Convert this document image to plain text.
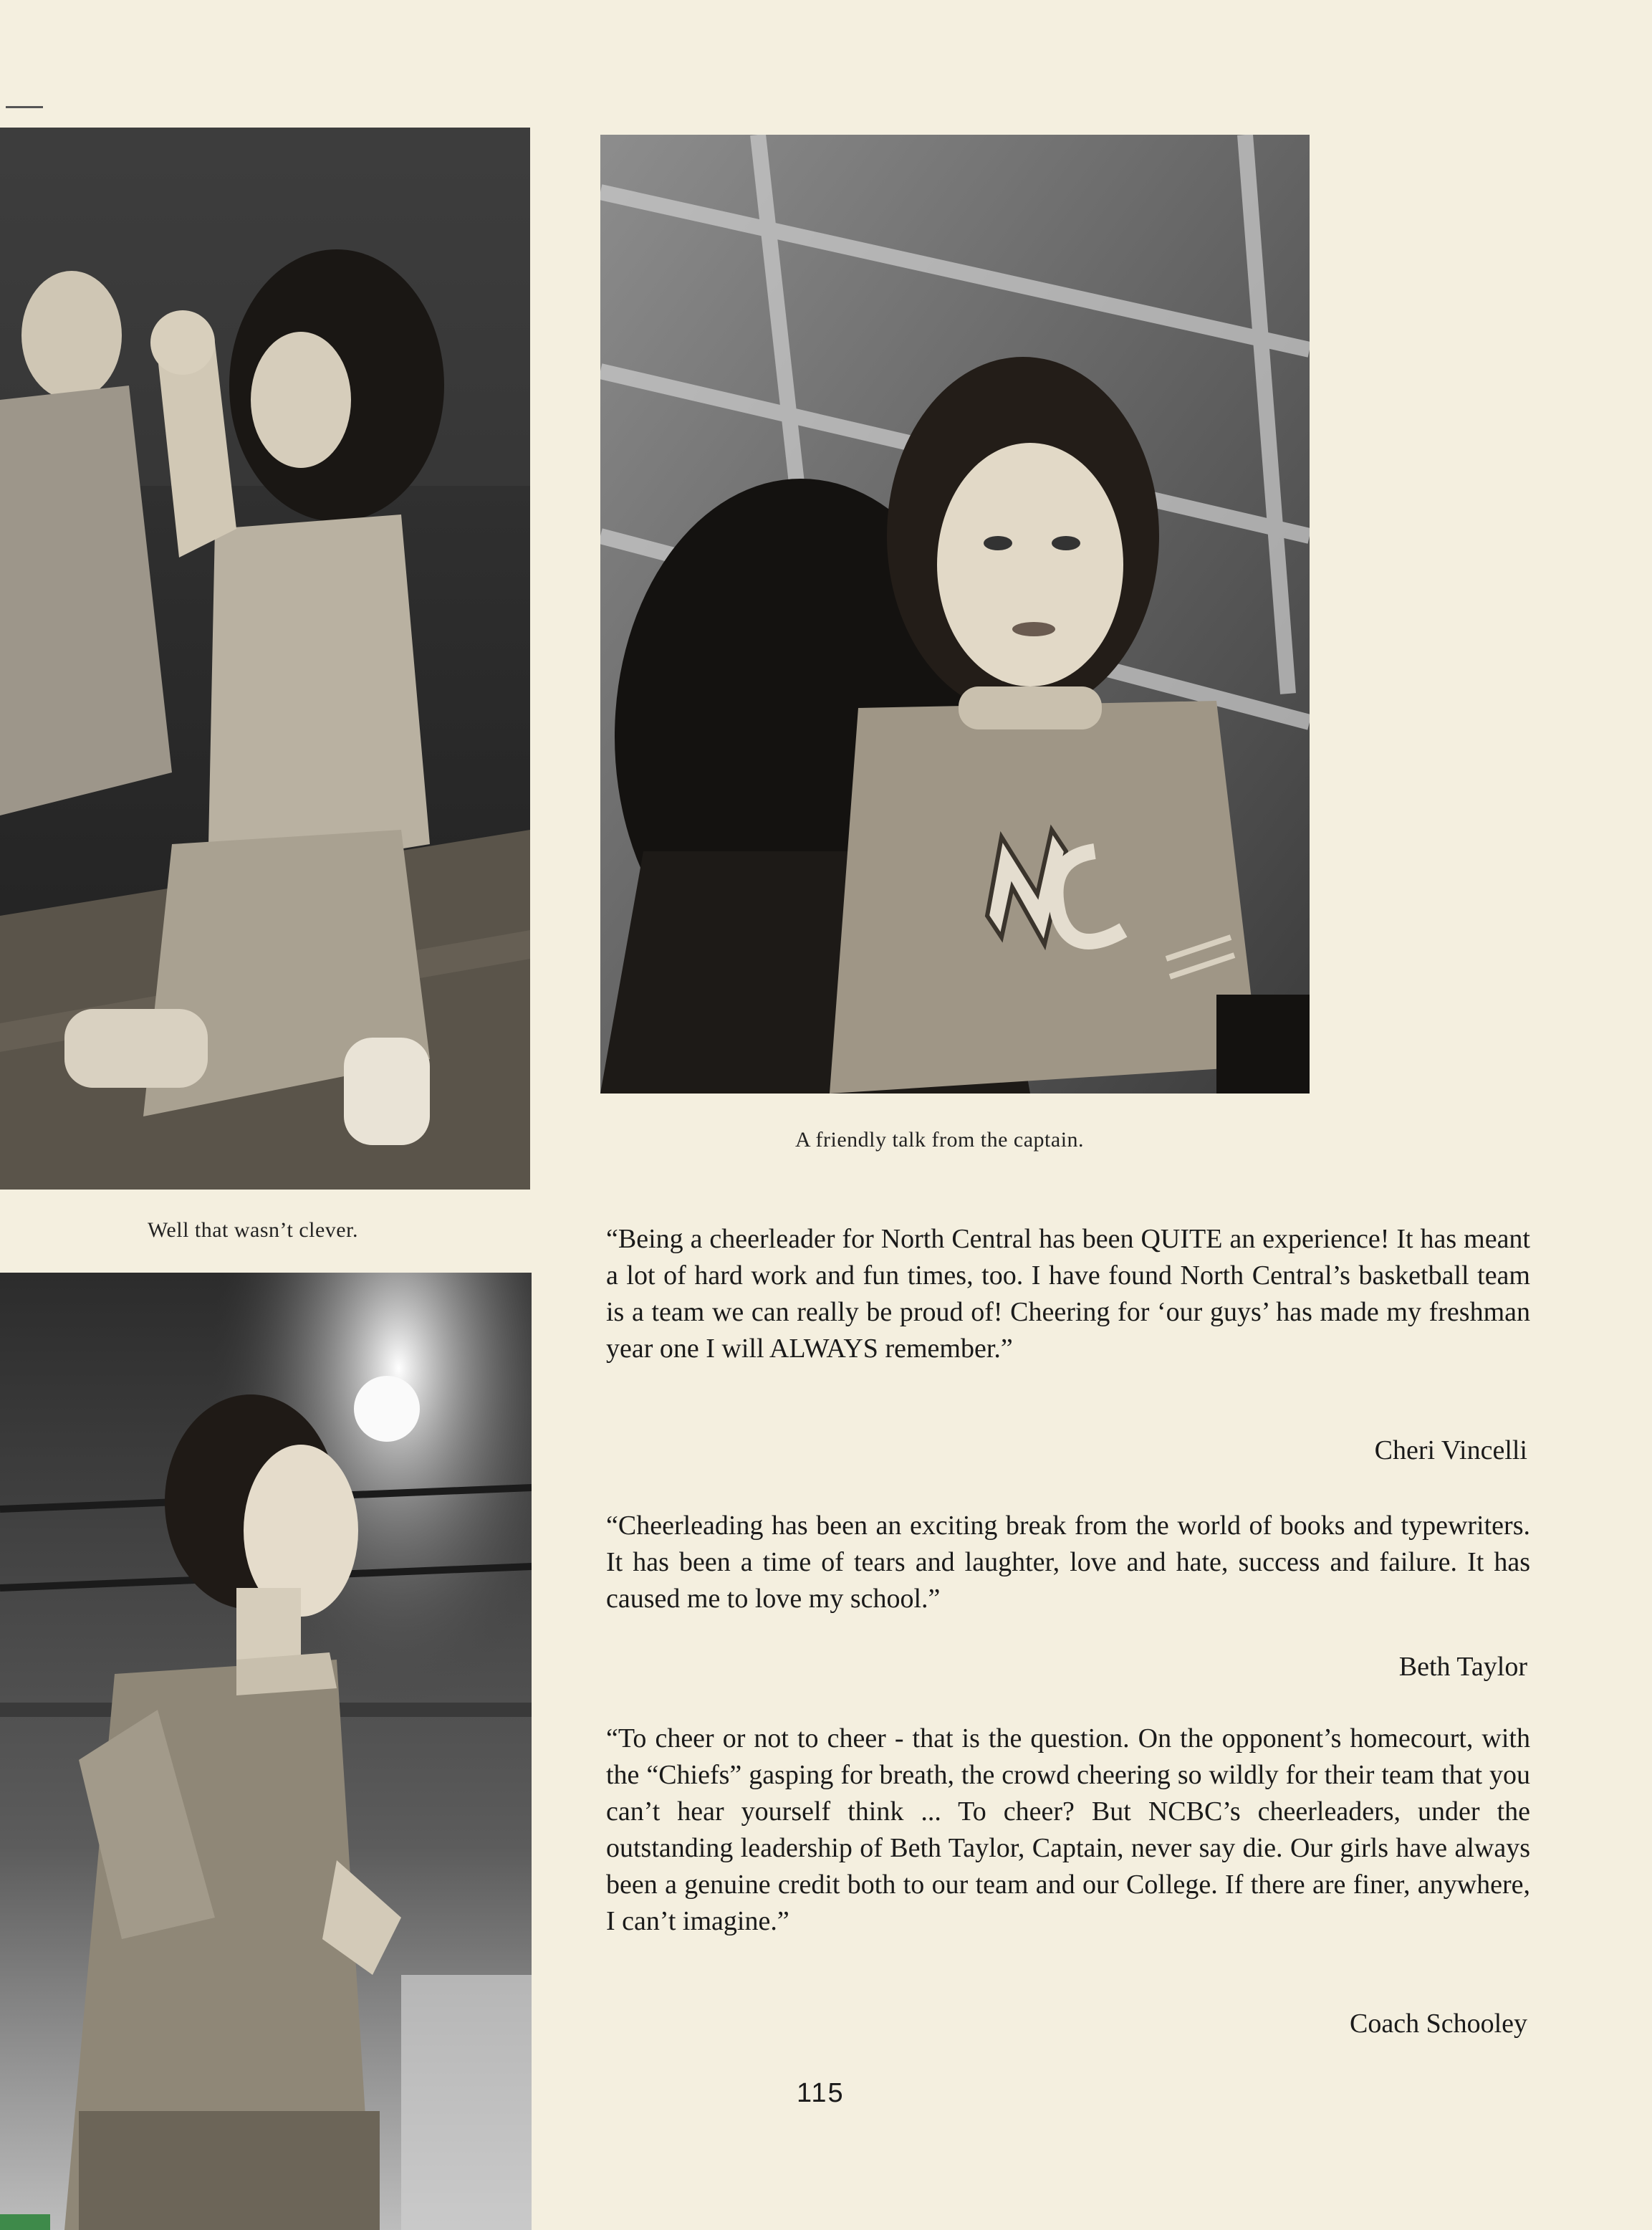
A friendly talk from the captain.
Well that wasn’t clever.	“Being a cheerleader for North Central has been QUITE an experience! It has meant a lot of hard work and fun times, too. I have found North Central’s basketball team is a team we can really be proud of! Cheering for ‘our guys’ has made my freshman year one I will ALWAYS remember.”
Cheri Vincelli
“Cheerleading has been an exciting break from the world of books and typewriters. It has been a time of tears and laughter, love and hate, success and failure. It has caused me to love my school.”
Beth Taylor
“To cheer or not to cheer - that is the question. On the opponent’s homecourt, with the “Chiefs” gasping for breath, the crowd cheering so wildly for their team that you can’t hear yourself think ... To cheer? But NCBC’s cheerleaders, under the outstanding leadership of Beth Taylor, Captain, never say die. Our girls have always been a genuine credit both to our team and our College. If there are finer, anywhere, I can’t imagine.”
Coach Schooley
115
